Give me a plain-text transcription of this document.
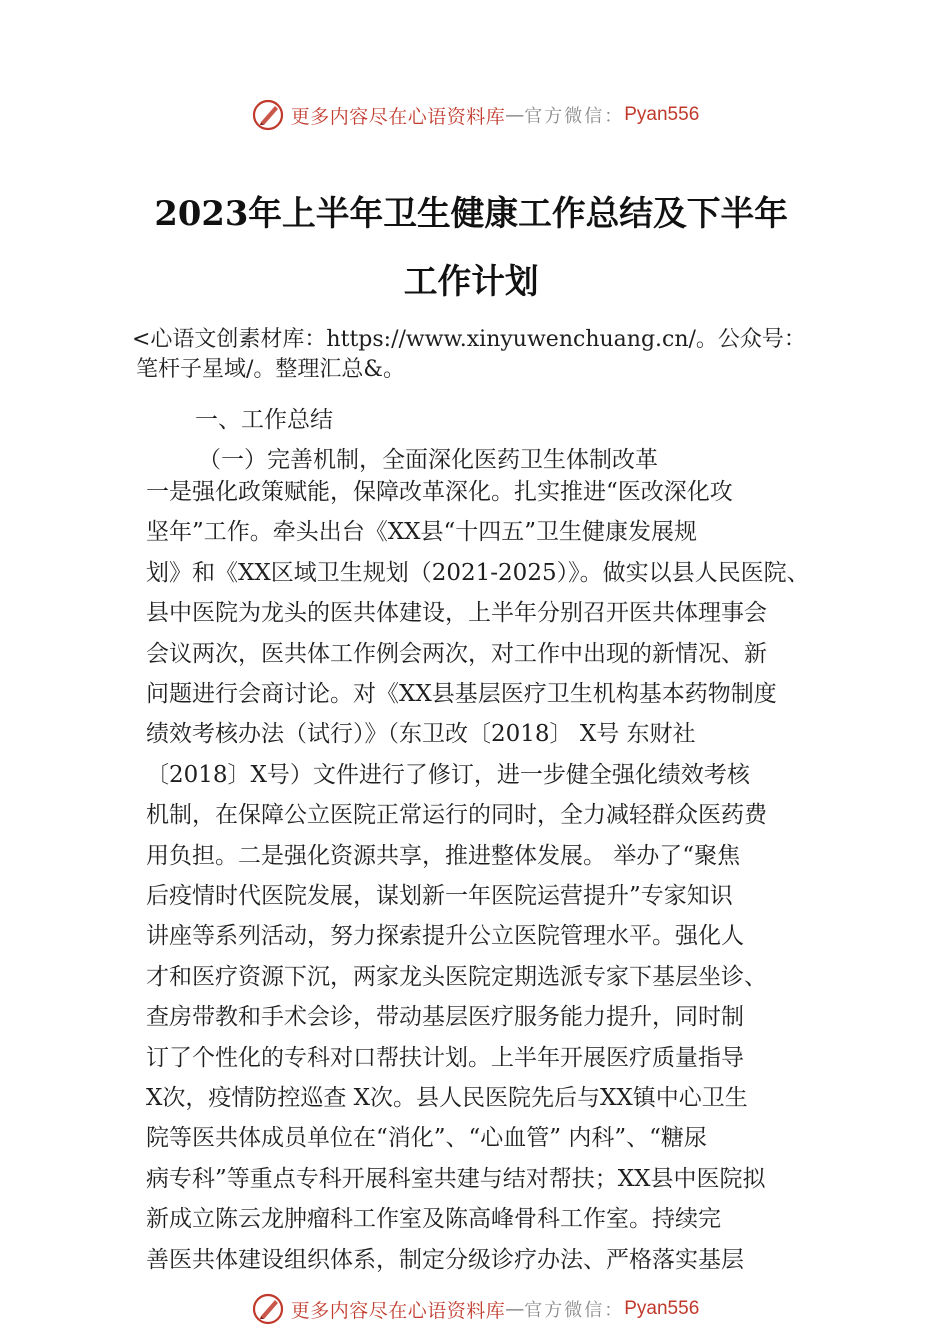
更多内容尽在心语资料库 — 官方微信： Pyan556
2023年上半年卫生健康工作总结及下半年
工作计划
<心语文创素材库：https://www.xinyuwenchuang.cn/。公众号：
笔杆子星域/。整理汇总&。
一、工作总结
（一）完善机制，全面深化医药卫生体制改革
一是强化政策赋能，保障改革深化。扎实推进“医改深化攻
坚年”工作。牵头出台《XX县“十四五”卫生健康发展规
划》和《XX区域卫生规划（2021-2025）》。做实以县人民医院、
县中医院为龙头的医共体建设，上半年分别召开医共体理事会
会议两次，医共体工作例会两次，对工作中出现的新情况、新
问题进行会商讨论。对《XX县基层医疗卫生机构基本药物制度
绩效考核办法（试行）》（东卫改〔2018〕 X号 东财社
〔2018〕X号）文件进行了修订，进一步健全强化绩效考核
机制，在保障公立医院正常运行的同时，全力减轻群众医药费
用负担。二是强化资源共享，推进整体发展。 举办了“聚焦
后疫情时代医院发展，谋划新一年医院运营提升”专家知识
讲座等系列活动，努力探索提升公立医院管理水平。强化人
才和医疗资源下沉，两家龙头医院定期选派专家下基层坐诊、
查房带教和手术会诊，带动基层医疗服务能力提升，同时制
订了个性化的专科对口帮扶计划。上半年开展医疗质量指导
X次，疫情防控巡查 X次。县人民医院先后与XX镇中心卫生
院等医共体成员单位在“消化”、“心血管” 内科”、“糖尿
病专科”等重点专科开展科室共建与结对帮扶；XX县中医院拟
新成立陈云龙肿瘤科工作室及陈高峰骨科工作室。持续完
善医共体建设组织体系，制定分级诊疗办法、严格落实基层
更多内容尽在心语资料库 — 官方微信： Pyan556
